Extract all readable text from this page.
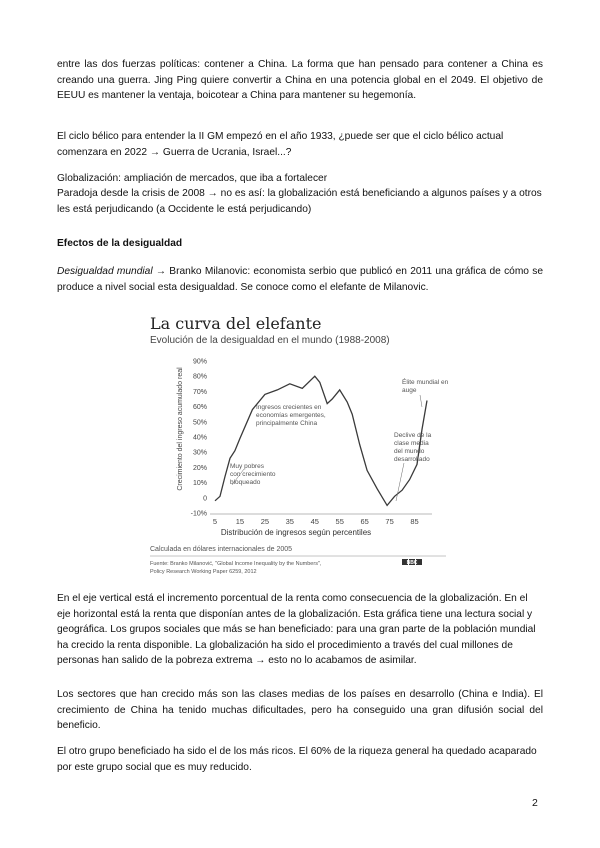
entre las dos fuerzas políticas: contener a China. La forma que han pensado para contener a China es creando una guerra. Jing Ping quiere convertir a China en una potencia global en el 2049. El objetivo de EEUU es mantener la ventaja, boicotear a China para mantener su hegemonía.

El ciclo bélico para entender la II GM empezó en el año 1933, ¿puede ser que el ciclo bélico actual comenzara en 2022 → Guerra de Ucrania, Israel...?

Globalización: ampliación de mercados, que iba a fortalecer

Paradoja desde la crisis de 2008 → no es así: la globalización está beneficiando a algunos países y a otros les está perjudicando (a Occidente le está perjudicando)

Efectos de la desigualdad

Desigualdad mundial → Branko Milanovic: economista serbio que publicó en 2011 una gráfica de cómo se produce a nivel social esta desigualdad. Se conoce como el elefante de Milanovic.

La curva del elefante
Evolución de la desigualdad en el mundo (1988-2008)
Crecimiento del ingreso acumulado real
-10%
0
10%
20%
30%
40%
50%
60%
70%
80%
90%
5 15 25 35 45 55 65 75 85
Distribución de ingresos según percentiles
Élite mundial en
auge
Ingresos crecientes en
economías emergentes,
principalmente China
Declive de la
clase media
del mundo
desarrollado
Muy pobres
con crecimiento
bloqueado
Calculada en dólares internacionales de 2005
Fuente: Branko Milanović, "Global Income Inequality by the Numbers",
Policy Research Working Paper 6259, 2012
BBC

En el eje vertical está el incremento porcentual de la renta como consecuencia de la globalización. En el eje horizontal está la renta que disponían antes de la globalización. Esta gráfica tiene una lectura social y geográfica. Los grupos sociales que más se han beneficiado: para una gran parte de la población mundial ha crecido la renta disponible. La globalización ha sido el procedimiento a través del cual millones de personas han salido de la pobreza extrema → esto no lo acabamos de asimilar.

Los sectores que han crecido más son las clases medias de los países en desarrollo (China e India). El crecimiento de China ha tenido muchas dificultades, pero ha conseguido una gran difusión social del beneficio.

El otro grupo beneficiado ha sido el de los más ricos. El 60% de la riqueza general ha quedado acaparado por este grupo social que es muy reducido.

2
